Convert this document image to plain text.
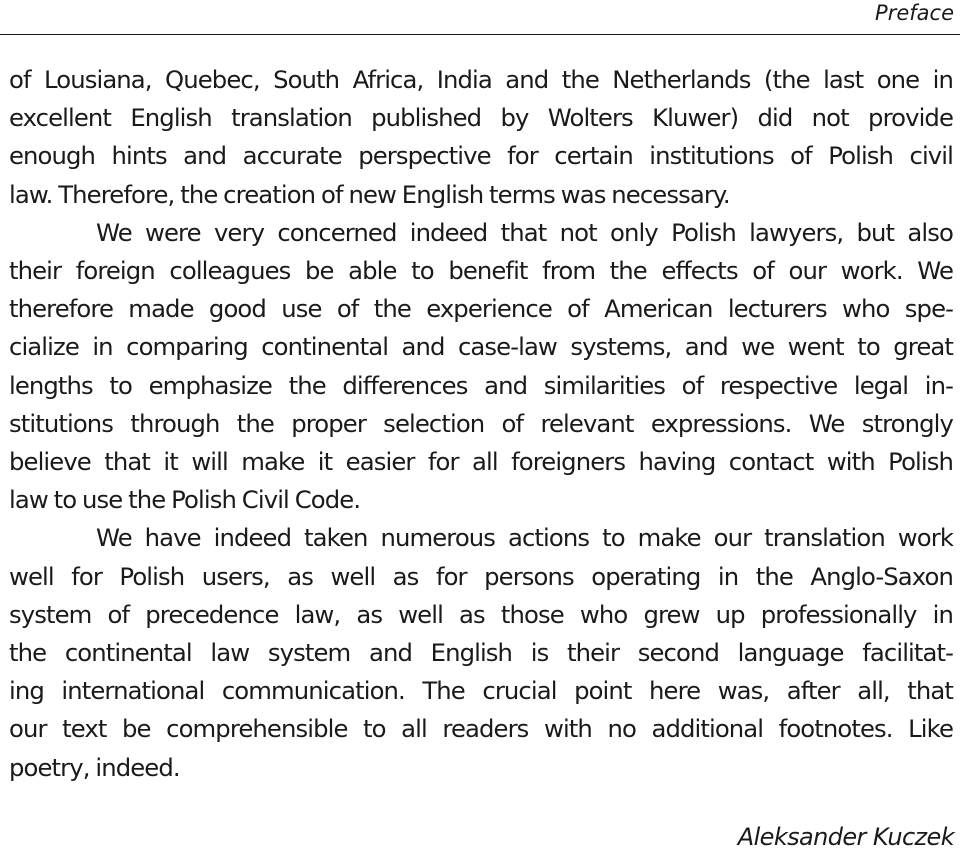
Preface

of Lousiana, Quebec, South Africa, India and the Netherlands (the last one in
excellent English translation published by Wolters Kluwer) did not provide
enough hints and accurate perspective for certain institutions of Polish civil
law. Therefore, the creation of new English terms was necessary.

We were very concerned indeed that not only Polish lawyers, but also
their foreign colleagues be able to benefit from the effects of our work. We
therefore made good use of the experience of American lecturers who spe-
cialize in comparing continental and case-law systems, and we went to great
lengths to emphasize the differences and similarities of respective legal in-
stitutions through the proper selection of relevant expressions. We strongly
believe that it will make it easier for all foreigners having contact with Polish
law to use the Polish Civil Code.

We have indeed taken numerous actions to make our translation work
well for Polish users, as well as for persons operating in the Anglo-Saxon
system of precedence law, as well as those who grew up professionally in
the continental law system and English is their second language facilitat-
ing international communication. The crucial point here was, after all, that
our text be comprehensible to all readers with no additional footnotes. Like
poetry, indeed.

Aleksander Kuczek
